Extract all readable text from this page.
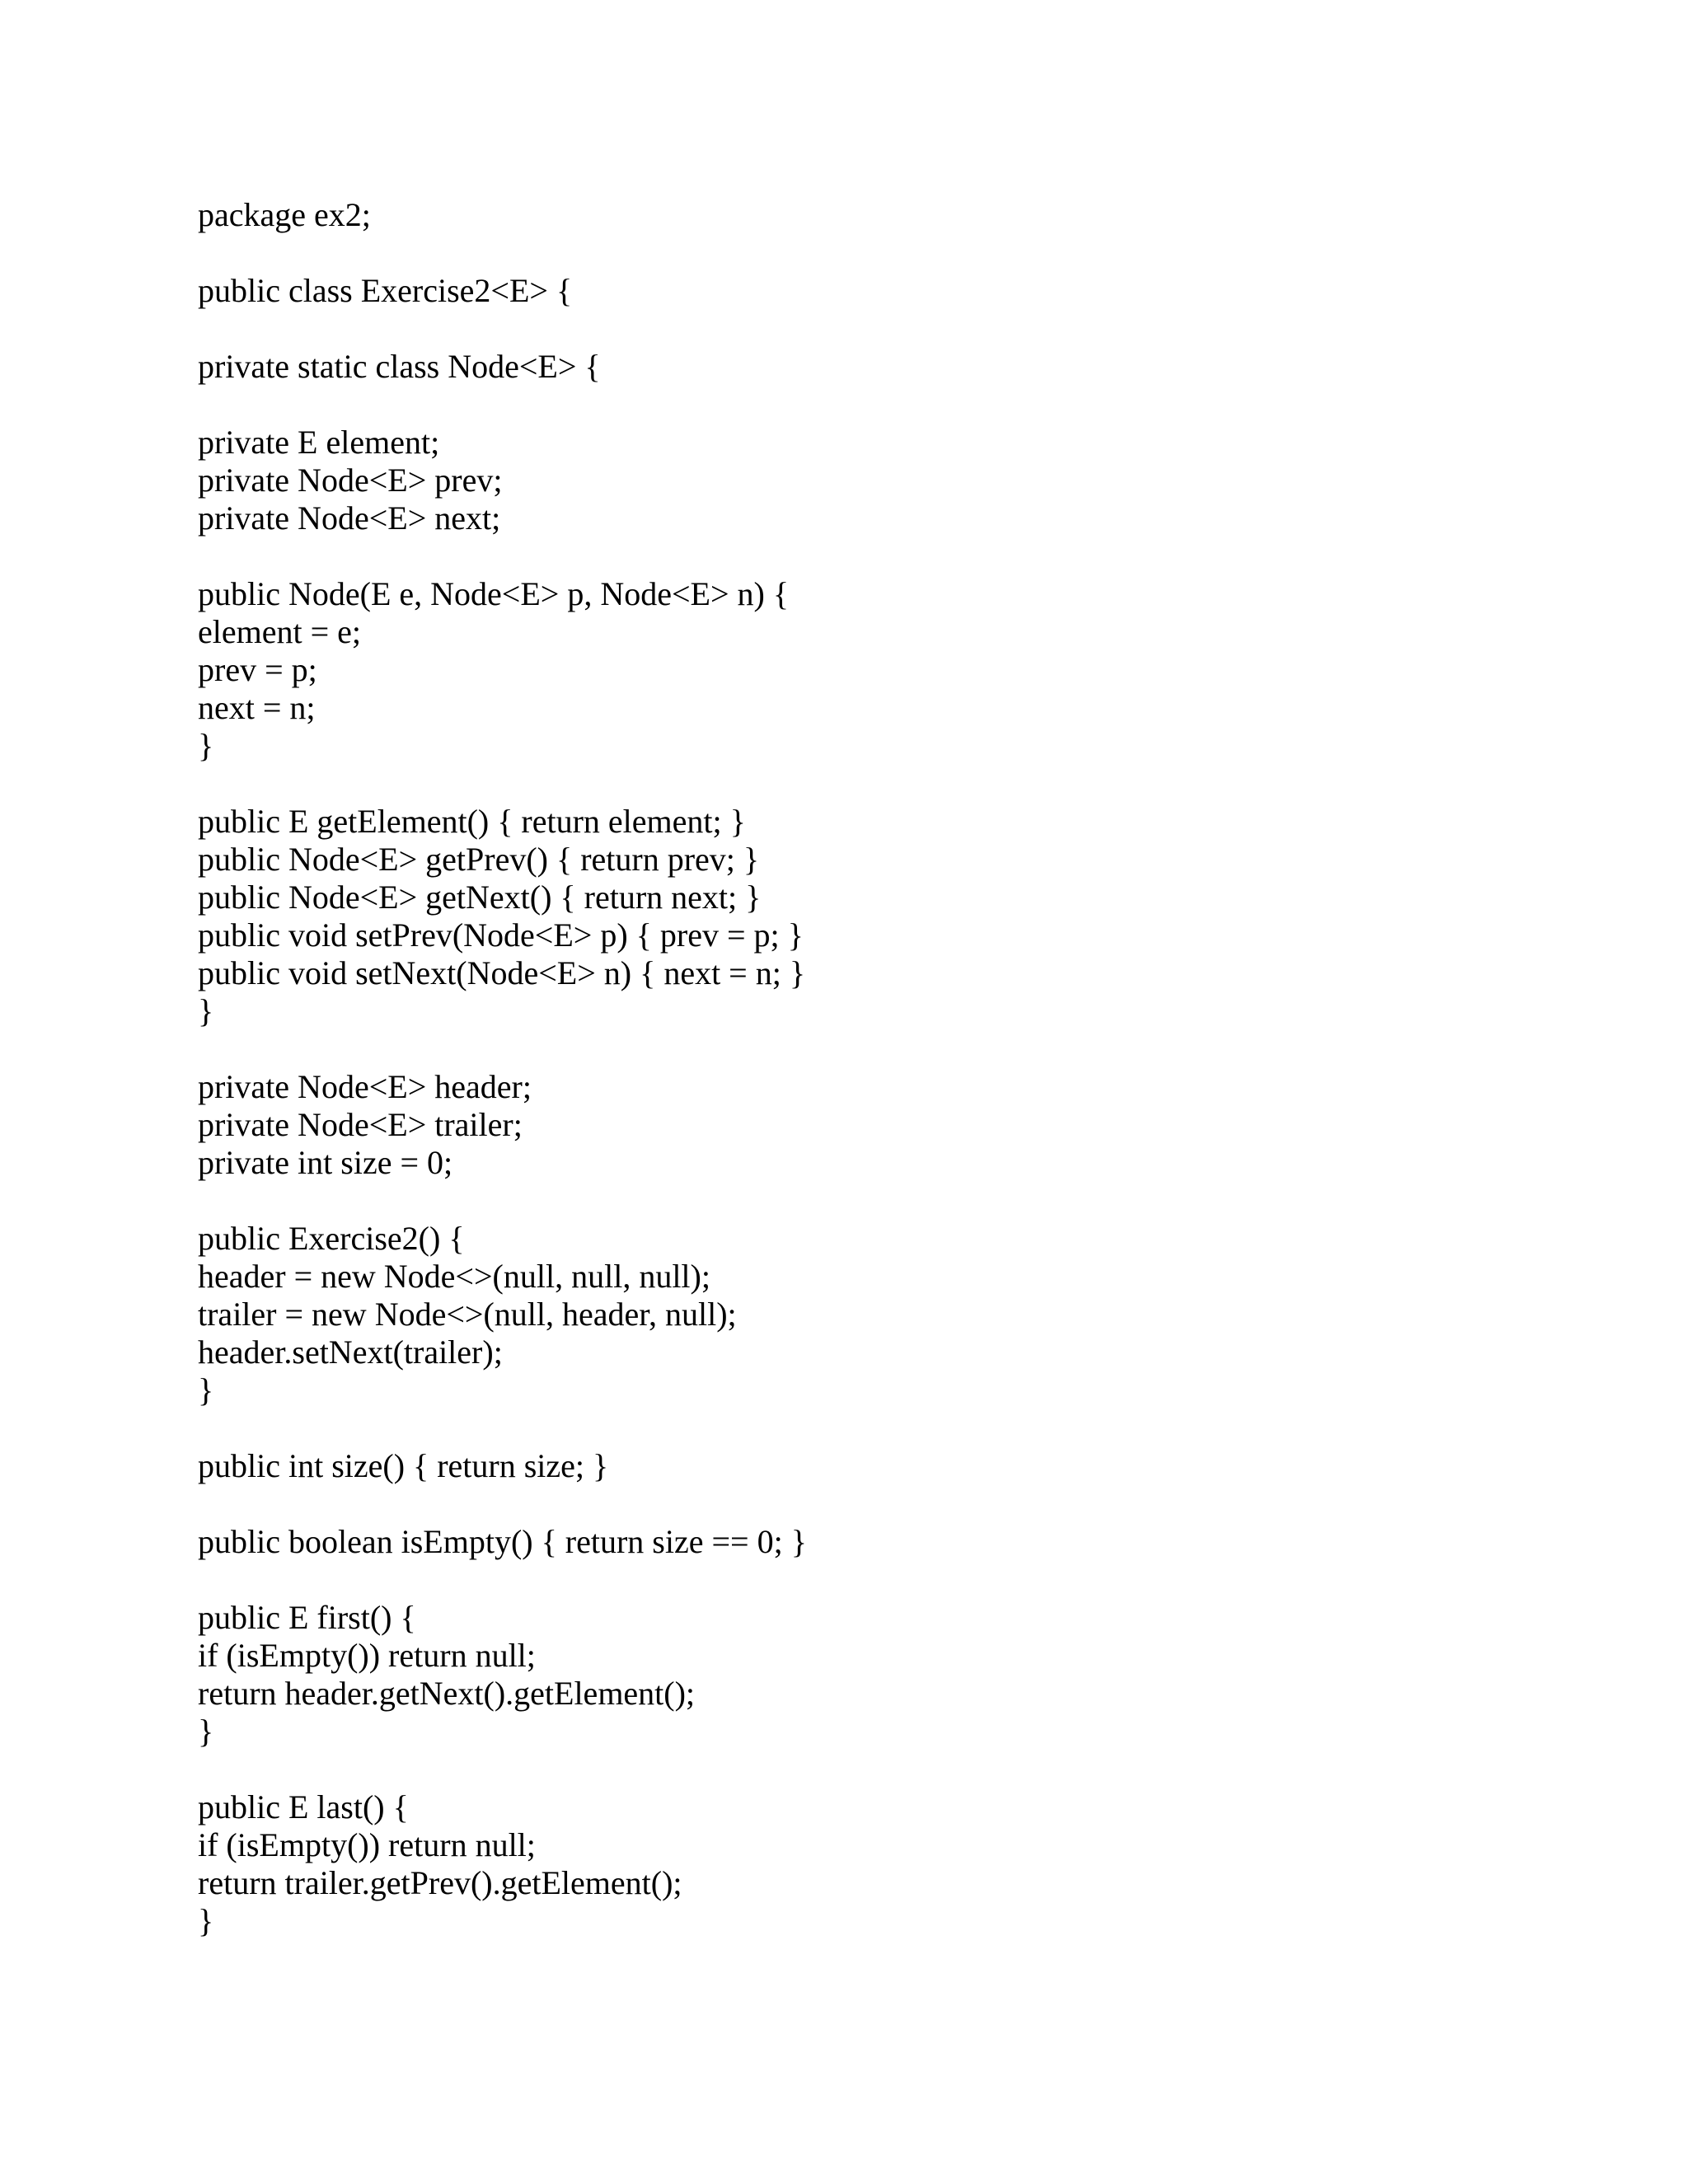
package ex2;
public class Exercise2<E> {
private static class Node<E> {
private E element;
private Node<E> prev;
private Node<E> next;
public Node(E e, Node<E> p, Node<E> n) {
element = e;
prev = p;
next = n;
}
public E getElement() { return element; }
public Node<E> getPrev() { return prev; }
public Node<E> getNext() { return next; }
public void setPrev(Node<E> p) { prev = p; }
public void setNext(Node<E> n) { next = n; }
}
private Node<E> header;
private Node<E> trailer;
private int size = 0;
public Exercise2() {
header = new Node<>(null, null, null);
trailer = new Node<>(null, header, null);
header.setNext(trailer);
}
public int size() { return size; }
public boolean isEmpty() { return size == 0; }
public E first() {
if (isEmpty()) return null;
return header.getNext().getElement();
}
public E last() {
if (isEmpty()) return null;
return trailer.getPrev().getElement();
}
